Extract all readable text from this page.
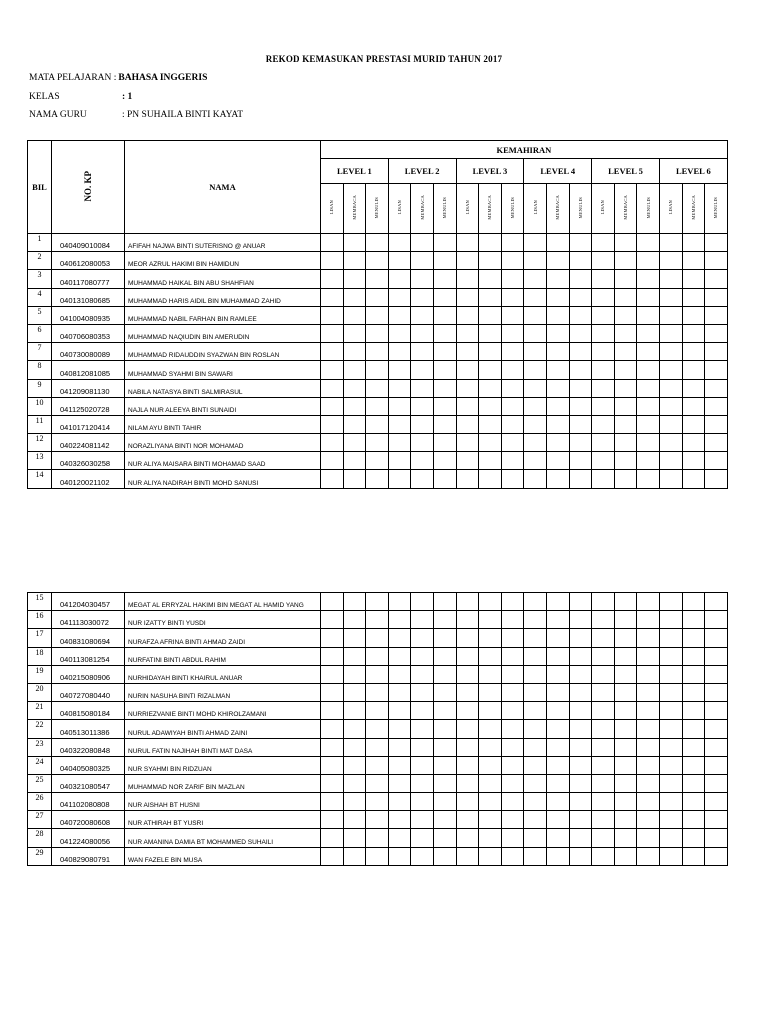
REKOD KEMASUKAN PRESTASI MURID TAHUN 2017
MATA PELAJARAN : BAHASA INGGERIS
KELAS	: 1
NAMA GURU	: PN SUHAILA BINTI KAYAT
BIL	NO. KP	NAMA	KEMAHIRAN																	
			LEVEL 1			LEVEL 2			LEVEL 3			LEVEL 4			LEVEL 5			LEVEL 6		
			LISAN	MEMBACA	MENULIS	LISAN	MEMBACA	MENULIS	LISAN	MEMBACA	MENULIS	LISAN	MEMBACA	MENULIS	LISAN	MEMBACA	MENULIS	LISAN	MEMBACA	MENULIS
1	040409010084	AFIFAH NAJWA BINTI SUTERISNO @ ANUAR																		
2	040612080053	MEOR AZRUL HAKIMI BIN HAMIDUN																		
3	040117080777	MUHAMMAD HAIKAL BIN ABU SHAHFIAN																		
4	040131080685	MUHAMMAD HARIS AIDIL BIN MUHAMMAD ZAHID																		
5	041004080935	MUHAMMAD NABIL FARHAN BIN RAMLEE																		
6	040706080353	MUHAMMAD NAQIUDIN BIN AMERUDIN																		
7	040730080089	MUHAMMAD RIDAUDDIN SYAZWAN BIN ROSLAN																		
8	040812081085	MUHAMMAD SYAHMI BIN SAWARI																		
9	041209081130	NABILA NATASYA BINTI SALMIRASUL																		
10	041125020728	NAJLA NUR ALEEYA BINTI SUNAIDI																		
11	041017120414	NILAM AYU BINTI TAHIR																		
12	040224081142	NORAZLIYANA BINTI NOR MOHAMAD																		
13	040326030258	NUR ALIYA MAISARA BINTI MOHAMAD SAAD																		
14	040120021102	NUR ALIYA NADIRAH BINTI MOHD SANUSI																		
15	041204030457	MEGAT AL ERRYZAL HAKIMI BIN MEGAT AL HAMID YANG																		
16	041113030072	NUR IZATTY BINTI YUSDI																		
17	040831080694	NURAFZA AFRINA BINTI AHMAD ZAIDI																		
18	040113081254	NURFATINI BINTI ABDUL RAHIM																		
19	040215080906	NURHIDAYAH BINTI KHAIRUL ANUAR																		
20	040727080440	NURIN NASUHA BINTI RIZALMAN																		
21	040815080184	NURRIEZVANIE BINTI MOHD KHIROLZAMANI																		
22	040513011386	NURUL ADAWIYAH BINTI AHMAD ZAINI																		
23	040322080848	NURUL FATIN NAJIHAH BINTI MAT DASA																		
24	040405080325	NUR SYAHMI BIN RIDZUAN																		
25	040321080547	MUHAMMAD NOR ZARIF BIN MAZLAN																		
26	041102080808	NUR AISHAH BT HUSNI																		
27	040720080608	NUR ATHIRAH BT YUSRI																		
28	041224080056	NUR AMANINA DAMIA BT MOHAMMED SUHAILI																		
29	040829080791	WAN FAZELE BIN MUSA																		
